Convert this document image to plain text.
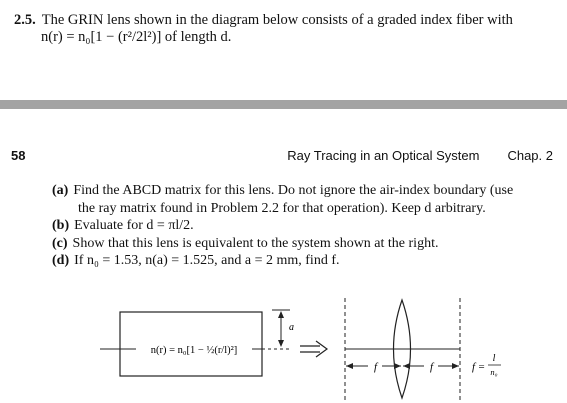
2.5. The GRIN lens shown in the diagram below consists of a graded index fiber with
n(r) = n₀[1 − (r²/2l²)] of length d.
58	Ray Tracing in an Optical System Chap. 2
(a) Find the ABCD matrix for this lens. Do not ignore the air-index boundary (use
the ray matrix found in Problem 2.2 for that operation). Keep d arbitrary.
(b) Evaluate for d = πl/2.
(c) Show that this lens is equivalent to the system shown at the right.
(d) If n₀ = 1.53, n(a) = 1.525, and a = 2 mm, find f.
n(r) = n₀[1 − ½(r/l)²]
a
f	f	f =
l
n₀
